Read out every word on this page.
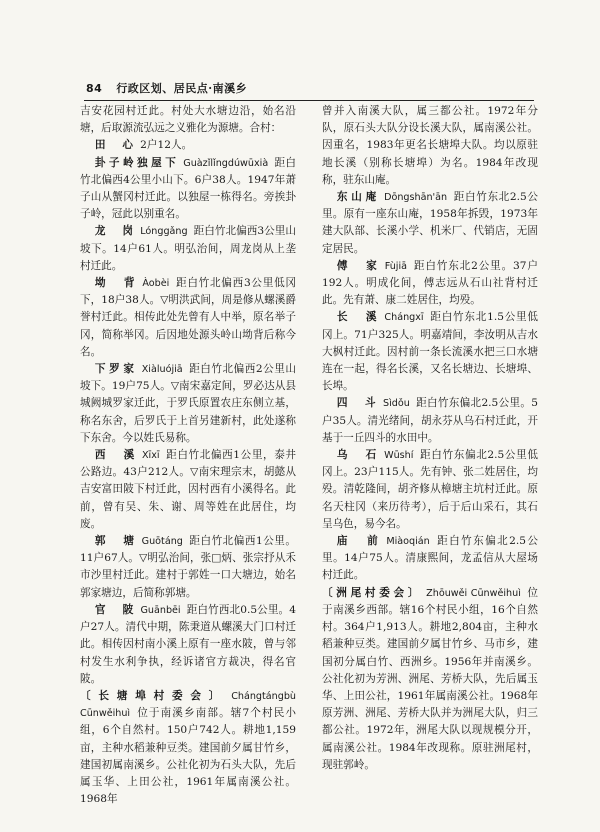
84 行政区划、居民点·南溪乡

吉安花园村迁此。村处大水塘边沿，始名沿塘，后取源流弘远之义雅化为源塘。合村：

田　心 2户12人。

卦子岭独屋下 Guàzǐlǐngdúwūxià 距白竹北偏西4公里小山下。6户38人。1947年萧子山从蟹冈村迁此。以独屋一栋得名。旁挨卦子岭，冠此以别重名。

龙　岗 Lónggǎng 距白竹北偏西3公里山坡下。14户61人。明弘治间，周龙岗从上垄村迁此。

坳　背 Àobèi 距白竹北偏西3公里低冈下，18户38人。▽明洪武间，周是修从螺溪爵誉村迁此。相传此处先曾有人中举，原名举子冈，简称举冈。后因地处源头岭山坳背后称今名。

下罗家 Xiàluójiā 距白竹北偏西2公里山坡下。19户75人。▽南宋嘉定间，罗必达从县城阙城罗家迁此，于罗氏原置农庄东侧立基，称名东舍，后罗氏于上首另建新村，此处遂称下东舍。今以姓氏易称。

西　溪 Xīxī 距白竹北偏西1公里，泰井公路边。43户212人。▽南宋理宗末，胡懿从吉安富田陂下村迁此，因村西有小溪得名。此前，曾有吴、朱、谢、周等姓在此居住，均废。

郭　塘 Guōtáng 距白竹北偏西1公里。11户67人。▽明弘治间，张□炳、张宗抒从禾市沙里村迁此。建村于郭姓一口大塘边，始名郭家塘边，后简称郭塘。

官　陂 Guānbēi 距白竹西北0.5公里。4户27人。清代中期，陈秉道从螺溪大门口村迁此。相传因村南小溪上原有一座水陂，曾与邻村发生水利争执，经诉诸官方裁决，得名官陂。

〔长塘埠村委会〕 Chángtángbù Cūnwěihuì 位于南溪乡南部。辖7个村民小组，6个自然村。150户742人。耕地1,159亩，主种水稻兼种豆类。建国前夕属甘竹乡，建国初属南溪乡。公社化初为石头大队，先后属玉华、上田公社，1961年属南溪公社。1968年

曾并入南溪大队，属三都公社。1972年分队，原石头大队分设长溪大队，属南溪公社。因重名，1983年更名长塘埠大队。均以原驻地长溪（别称长塘埠）为名。1984年改现称，驻东山庵。

东山庵 Dōngshān'ān 距白竹东北2.5公里。原有一座东山庵，1958年拆毁，1973年建大队部、长溪小学、机米厂、代销店，无固定居民。

傅　家 Fùjiā 距白竹东北2公里。37户192人。明成化间，傅志远从石山社背村迁此。先有萧、康二姓居住，均殁。

长　溪 Chángxī 距白竹东北1.5公里低冈上。71户325人。明嘉靖间，李汝明从吉水大枫村迁此。因村前一条长流溪水把三口水塘连在一起，得名长溪，又名长塘边、长塘埠、长埠。

四　斗 Sìdǒu 距白竹东偏北2.5公里。5户35人。清光绪间，胡永芬从乌石村迁此，开基于一丘四斗的水田中。

乌　石 Wūshí 距白竹东偏北2.5公里低冈上。23户115人。先有钟、张二姓居住，均殁。清乾隆间，胡齐修从樟塘主坑村迁此。原名天柱冈（来历待考），后于后山采石，其石呈乌色，易今名。

庙　前 Miàoqián 距白竹东偏北2.5公里。14户75人。清康熙间，龙孟信从大屋场村迁此。

〔洲尾村委会〕 Zhōuwěi Cūnwěihuì 位于南溪乡西部。辖16个村民小组，16个自然村。364户1,913人。耕地2,804亩，主种水稻兼种豆类。建国前夕属甘竹乡、马市乡，建国初分属白竹、西洲乡。1956年并南溪乡。公社化初为芳洲、洲尾、芳桥大队，先后属玉华、上田公社，1961年属南溪公社。1968年原芳洲、洲尾、芳桥大队并为洲尾大队，归三都公社。1972年，洲尾大队以现规模分开，属南溪公社。1984年改现称。原驻洲尾村，现驻郭岭。
